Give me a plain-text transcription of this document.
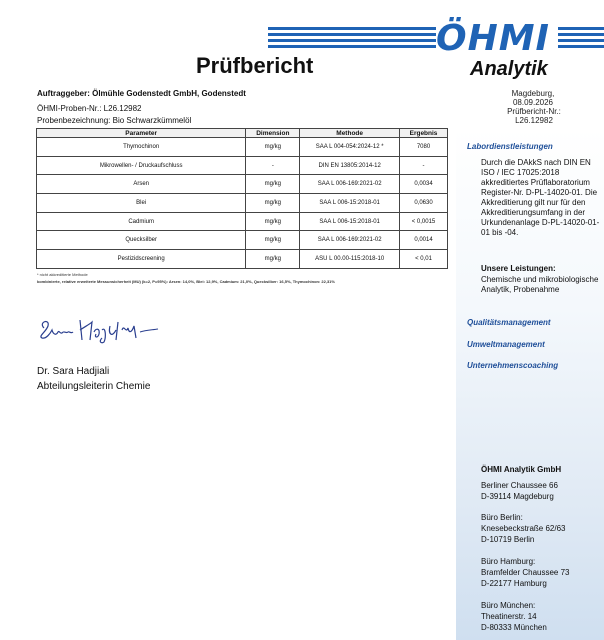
ÖHMI
Analytik
Prüfbericht
Magdeburg,
08.09.2026
Prüfbericht-Nr.:
L26.12982
Auftraggeber: Ölmühle Godenstedt GmbH, Godenstedt
ÖHMI-Proben-Nr.: L26.12982
Probenbezeichnung: Bio Schwarzkümmelöl
Parameter	Dimension	Methode	Ergebnis
Thymochinon	mg/kg	SAA L 004-054:2024-12 *	7080
Mikrowellen- / Druckaufschluss	-	DIN EN 13805:2014-12	-
Arsen	mg/kg	SAA L 006-169:2021-02	0,0034
Blei	mg/kg	SAA L 006-15:2018-01	0,0630
Cadmium	mg/kg	SAA L 006-15:2018-01	< 0,0015
Quecksilber	mg/kg	SAA L 006-169:2021-02	0,0014
Pestizidscreening	mg/kg	ASU L 00.00-115:2018-10	< 0,01
* nicht akkreditierte Methode
kombinierte, relative erweiterte Messunsicherheit (MU) (k=2, P=95%): Arsen: 14,0%, Blei: 12,9%, Cadmium: 21,0%, Quecksilber: 16,5%, Thymochinon: 22,31%
Dr. Sara Hadjiali
Abteilungsleiterin Chemie
Labordienstleistungen
Durch die DAkkS nach DIN EN ISO / IEC 17025:2018 akkreditiertes Prüflaboratorium Register-Nr. D-PL-14020-01. Die Akkreditierung gilt nur für den Akkreditierungsumfang in der Urkundenanlage D-PL-14020-01-01 bis -04.
Unsere Leistungen:
Chemische und mikrobiologische Analytik, Probenahme
Qualitätsmanagement
Umweltmanagement
Unternehmenscoaching
ÖHMI Analytik GmbH
Berliner Chaussee 66
D-39114 Magdeburg
Büro Berlin:
Knesebeckstraße 62/63
D-10719 Berlin
Büro Hamburg:
Bramfelder Chaussee 73
D-22177 Hamburg
Büro München:
Theatinerstr. 14
D-80333 München
